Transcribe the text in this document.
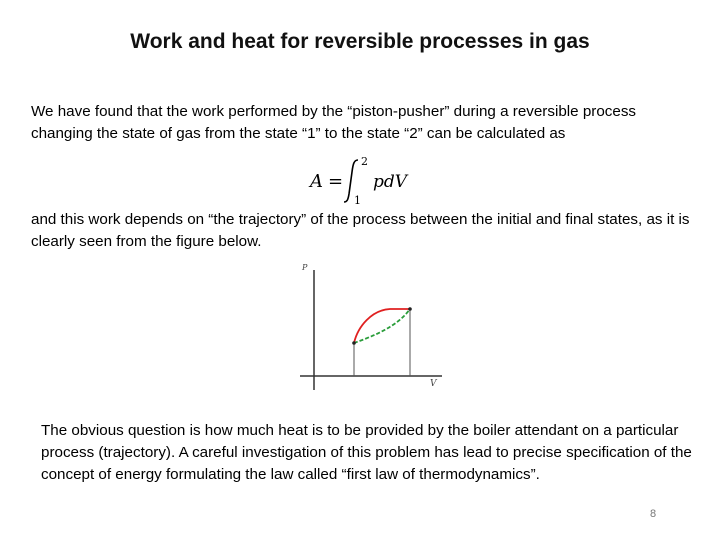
Work and heat for reversible processes in gas

We have found that the work performed by the “piston-pusher” during a reversible process changing the state of gas from the state “1” to the state “2” can be calculated as

A =
2
1
pdV

and this work depends on “the trajectory” of the process between the initial and final states, as it is clearly seen from the figure below.

P
V

The obvious question is how much heat is to be provided by the boiler attendant on a particular process (trajectory). A careful investigation of this problem has lead to precise specification of the concept of energy formulating the law called “first law of thermodynamics”.

8
